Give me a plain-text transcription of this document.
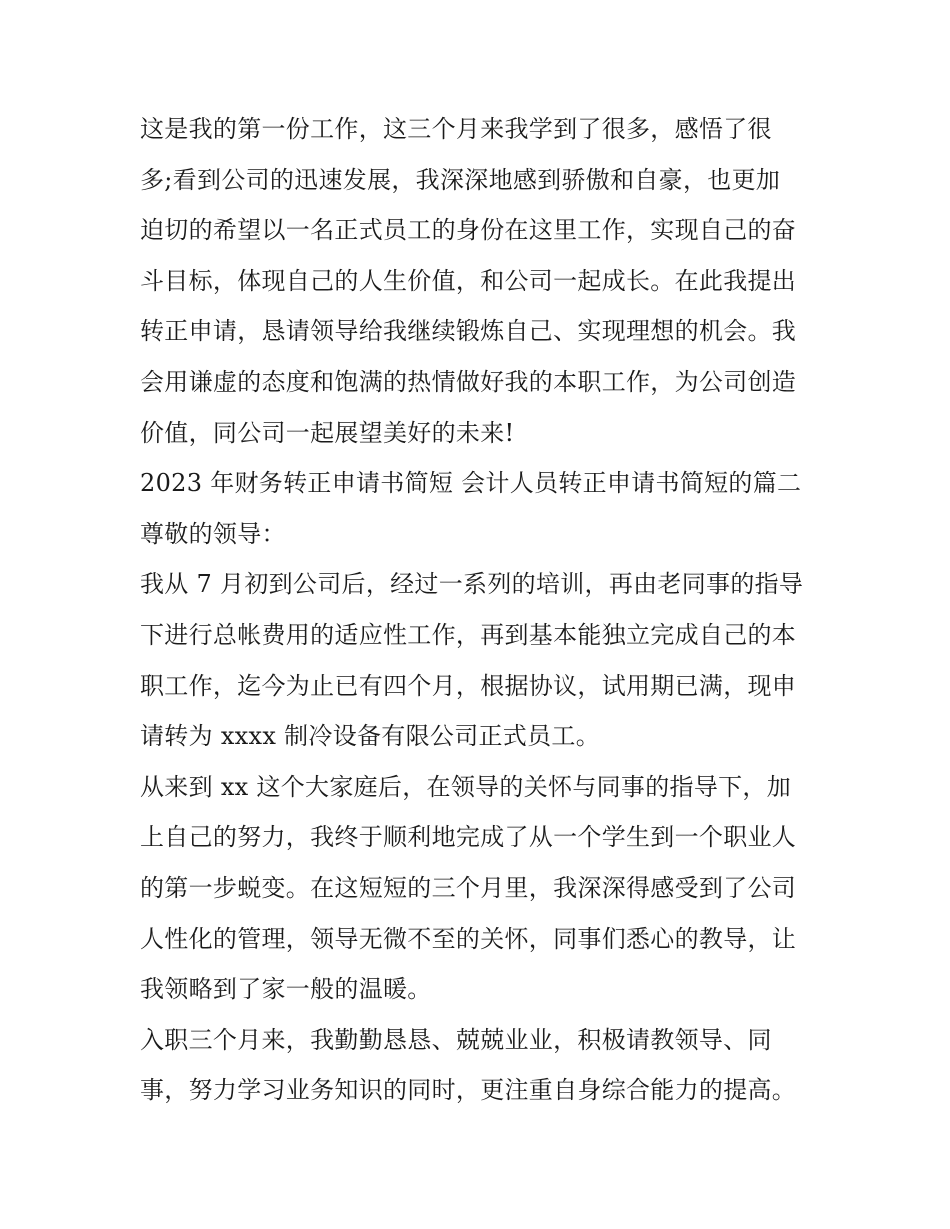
这是我的第一份工作，这三个月来我学到了很多，感悟了很
多;看到公司的迅速发展，我深深地感到骄傲和自豪，也更加
迫切的希望以一名正式员工的身份在这里工作，实现自己的奋
斗目标，体现自己的人生价值，和公司一起成长。在此我提出
转正申请，恳请领导给我继续锻炼自己、实现理想的机会。我
会用谦虚的态度和饱满的热情做好我的本职工作，为公司创造
价值，同公司一起展望美好的未来!
2023 年财务转正申请书简短 会计人员转正申请书简短的篇二
尊敬的领导：
我从 7 月初到公司后，经过一系列的培训，再由老同事的指导
下进行总帐费用的适应性工作，再到基本能独立完成自己的本
职工作，迄今为止已有四个月，根据协议，试用期已满，现申
请转为 xxxx 制冷设备有限公司正式员工。
从来到 xx 这个大家庭后，在领导的关怀与同事的指导下，加
上自己的努力，我终于顺利地完成了从一个学生到一个职业人
的第一步蜕变。在这短短的三个月里，我深深得感受到了公司
人性化的管理，领导无微不至的关怀，同事们悉心的教导，让
我领略到了家一般的温暖。
入职三个月来，我勤勤恳恳、兢兢业业，积极请教领导、同
事，努力学习业务知识的同时，更注重自身综合能力的提高。
